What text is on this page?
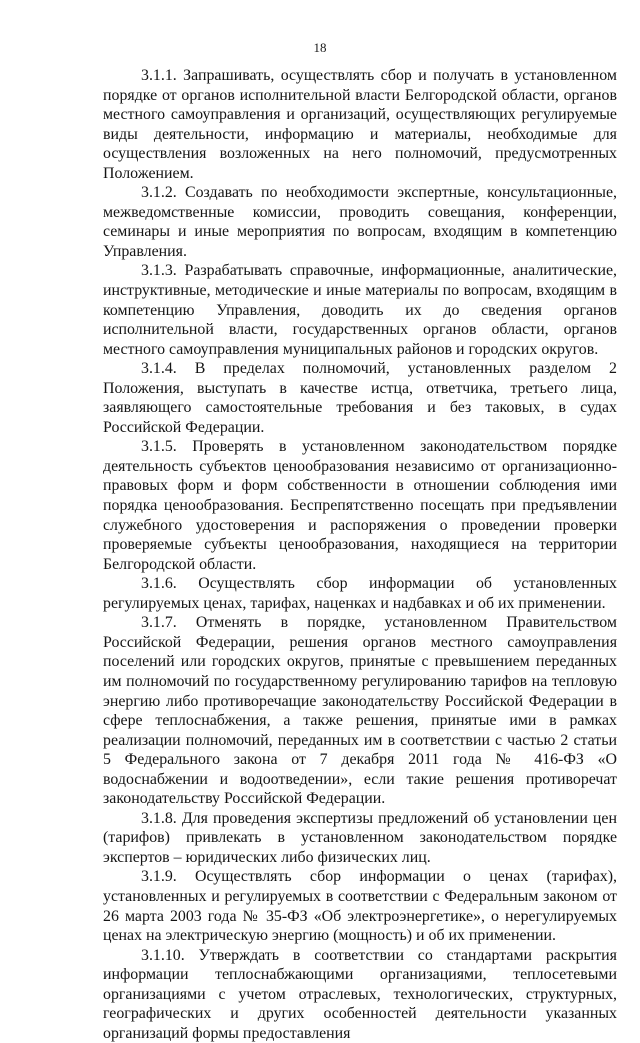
18

3.1.1. Запрашивать, осуществлять сбор и получать в установленном порядке от органов исполнительной власти Белгородской области, органов местного самоуправления и организаций, осуществляющих регулируемые виды деятельности, информацию и материалы, необходимые для осуществления возложенных на него полномочий, предусмотренных Положением.

3.1.2. Создавать по необходимости экспертные, консультационные, межведомственные комиссии, проводить совещания, конференции, семинары и иные мероприятия по вопросам, входящим в компетенцию Управления.

3.1.3. Разрабатывать справочные, информационные, аналитические, инструктивные, методические и иные материалы по вопросам, входящим в компетенцию Управления, доводить их до сведения органов исполнительной власти, государственных органов области, органов местного самоуправления муниципальных районов и городских округов.

3.1.4. В пределах полномочий, установленных разделом 2 Положения, выступать в качестве истца, ответчика, третьего лица, заявляющего самостоятельные требования и без таковых, в судах Российской Федерации.

3.1.5. Проверять в установленном законодательством порядке деятельность субъектов ценообразования независимо от организационно-правовых форм и форм собственности в отношении соблюдения ими порядка ценообразования. Беспрепятственно посещать при предъявлении служебного удостоверения и распоряжения о проведении проверки проверяемые субъекты ценообразования, находящиеся на территории Белгородской области.

3.1.6. Осуществлять сбор информации об установленных регулируемых ценах, тарифах, наценках и надбавках и об их применении.

3.1.7. Отменять в порядке, установленном Правительством Российской Федерации, решения органов местного самоуправления поселений или городских округов, принятые с превышением переданных им полномочий по государственному регулированию тарифов на тепловую энергию либо противоречащие законодательству Российской Федерации в сфере теплоснабжения, а также решения, принятые ими в рамках реализации полномочий, переданных им в соответствии с частью 2 статьи 5 Федерального закона от 7 декабря 2011 года № 416-ФЗ «О водоснабжении и водоотведении», если такие решения противоречат законодательству Российской Федерации.

3.1.8. Для проведения экспертизы предложений об установлении цен (тарифов) привлекать в установленном законодательством порядке экспертов – юридических либо физических лиц.

3.1.9. Осуществлять сбор информации о ценах (тарифах), установленных и регулируемых в соответствии с Федеральным законом от 26 марта 2003 года № 35-ФЗ «Об электроэнергетике», о нерегулируемых ценах на электрическую энергию (мощность) и об их применении.

3.1.10. Утверждать в соответствии со стандартами раскрытия информации теплоснабжающими организациями, теплосетевыми организациями с учетом отраслевых, технологических, структурных, географических и других особенностей деятельности указанных организаций формы предоставления
